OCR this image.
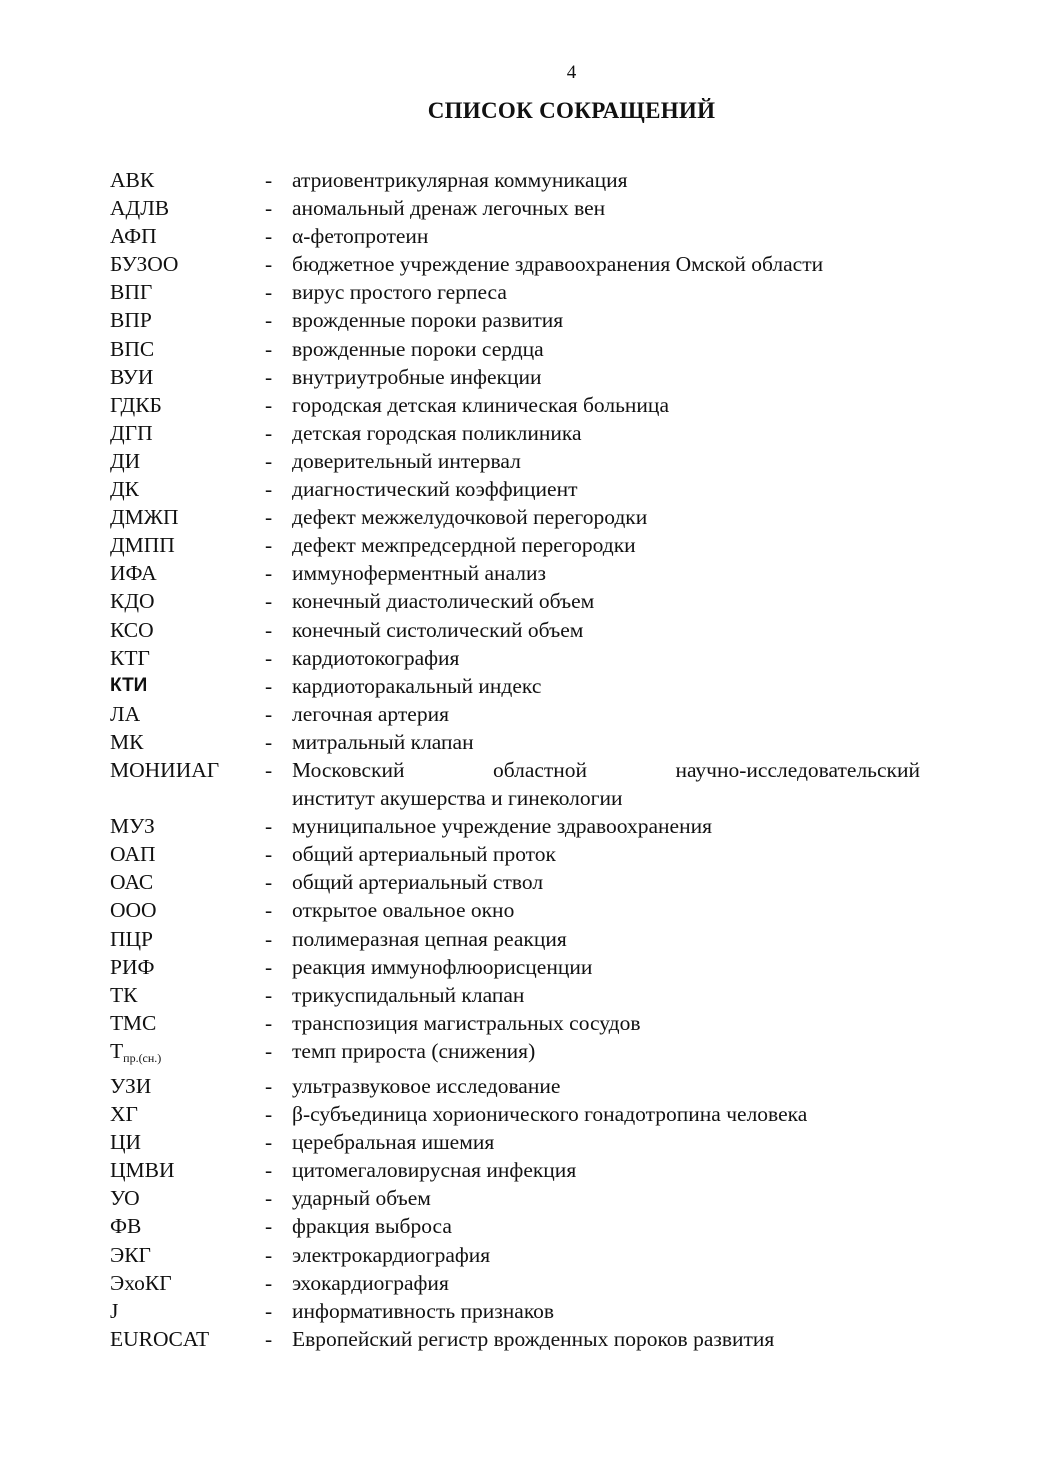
4
СПИСОК СОКРАЩЕНИЙ
АВК	- атриовентрикулярная коммуникация
АДЛВ	- аномальный дренаж легочных вен
АФП	- α-фетопротеин
БУЗОО	- бюджетное учреждение здравоохранения Омской области
ВПГ	- вирус простого герпеса
ВПР	- врожденные пороки развития
ВПС	- врожденные пороки сердца
ВУИ	- внутриутробные инфекции
ГДКБ	- городская детская клиническая больница
ДГП	- детская городская поликлиника
ДИ	- доверительный интервал
ДК	- диагностический коэффициент
ДМЖП	- дефект межжелудочковой перегородки
ДМПП	- дефект межпредсердной перегородки
ИФА	- иммуноферментный анализ
КДО	- конечный диастолический объем
КСО	- конечный систолический объем
КТГ	- кардиотокография
КТИ	- кардиоторакальный индекс
ЛА	- легочная артерия
МК	- митральный клапан
МОНИИАГ	- Московский областной научно-исследовательский
институт акушерства и гинекологии
МУЗ	- муниципальное учреждение здравоохранения
ОАП	- общий артериальный проток
ОАС	- общий артериальный ствол
ООО	- открытое овальное окно
ПЦР	- полимеразная цепная реакция
РИФ	- реакция иммунофлюорисценции
ТК	- трикуспидальный клапан
ТМС	- транспозиция магистральных сосудов
$Т_{пр.(сн.)}$	- темп прироста (снижения)
УЗИ	- ультразвуковое исследование
ХГ	- β-субъединица хорионического гонадотропина человека
ЦИ	- церебральная ишемия
ЦМВИ	- цитомегаловирусная инфекция
УО	- ударный объем
ФВ	- фракция выброса
ЭКГ	- электрокардиография
ЭхоКГ	- эхокардиография
J	- информативность признаков
EUROCAT	- Европейский регистр врожденных пороков развития
